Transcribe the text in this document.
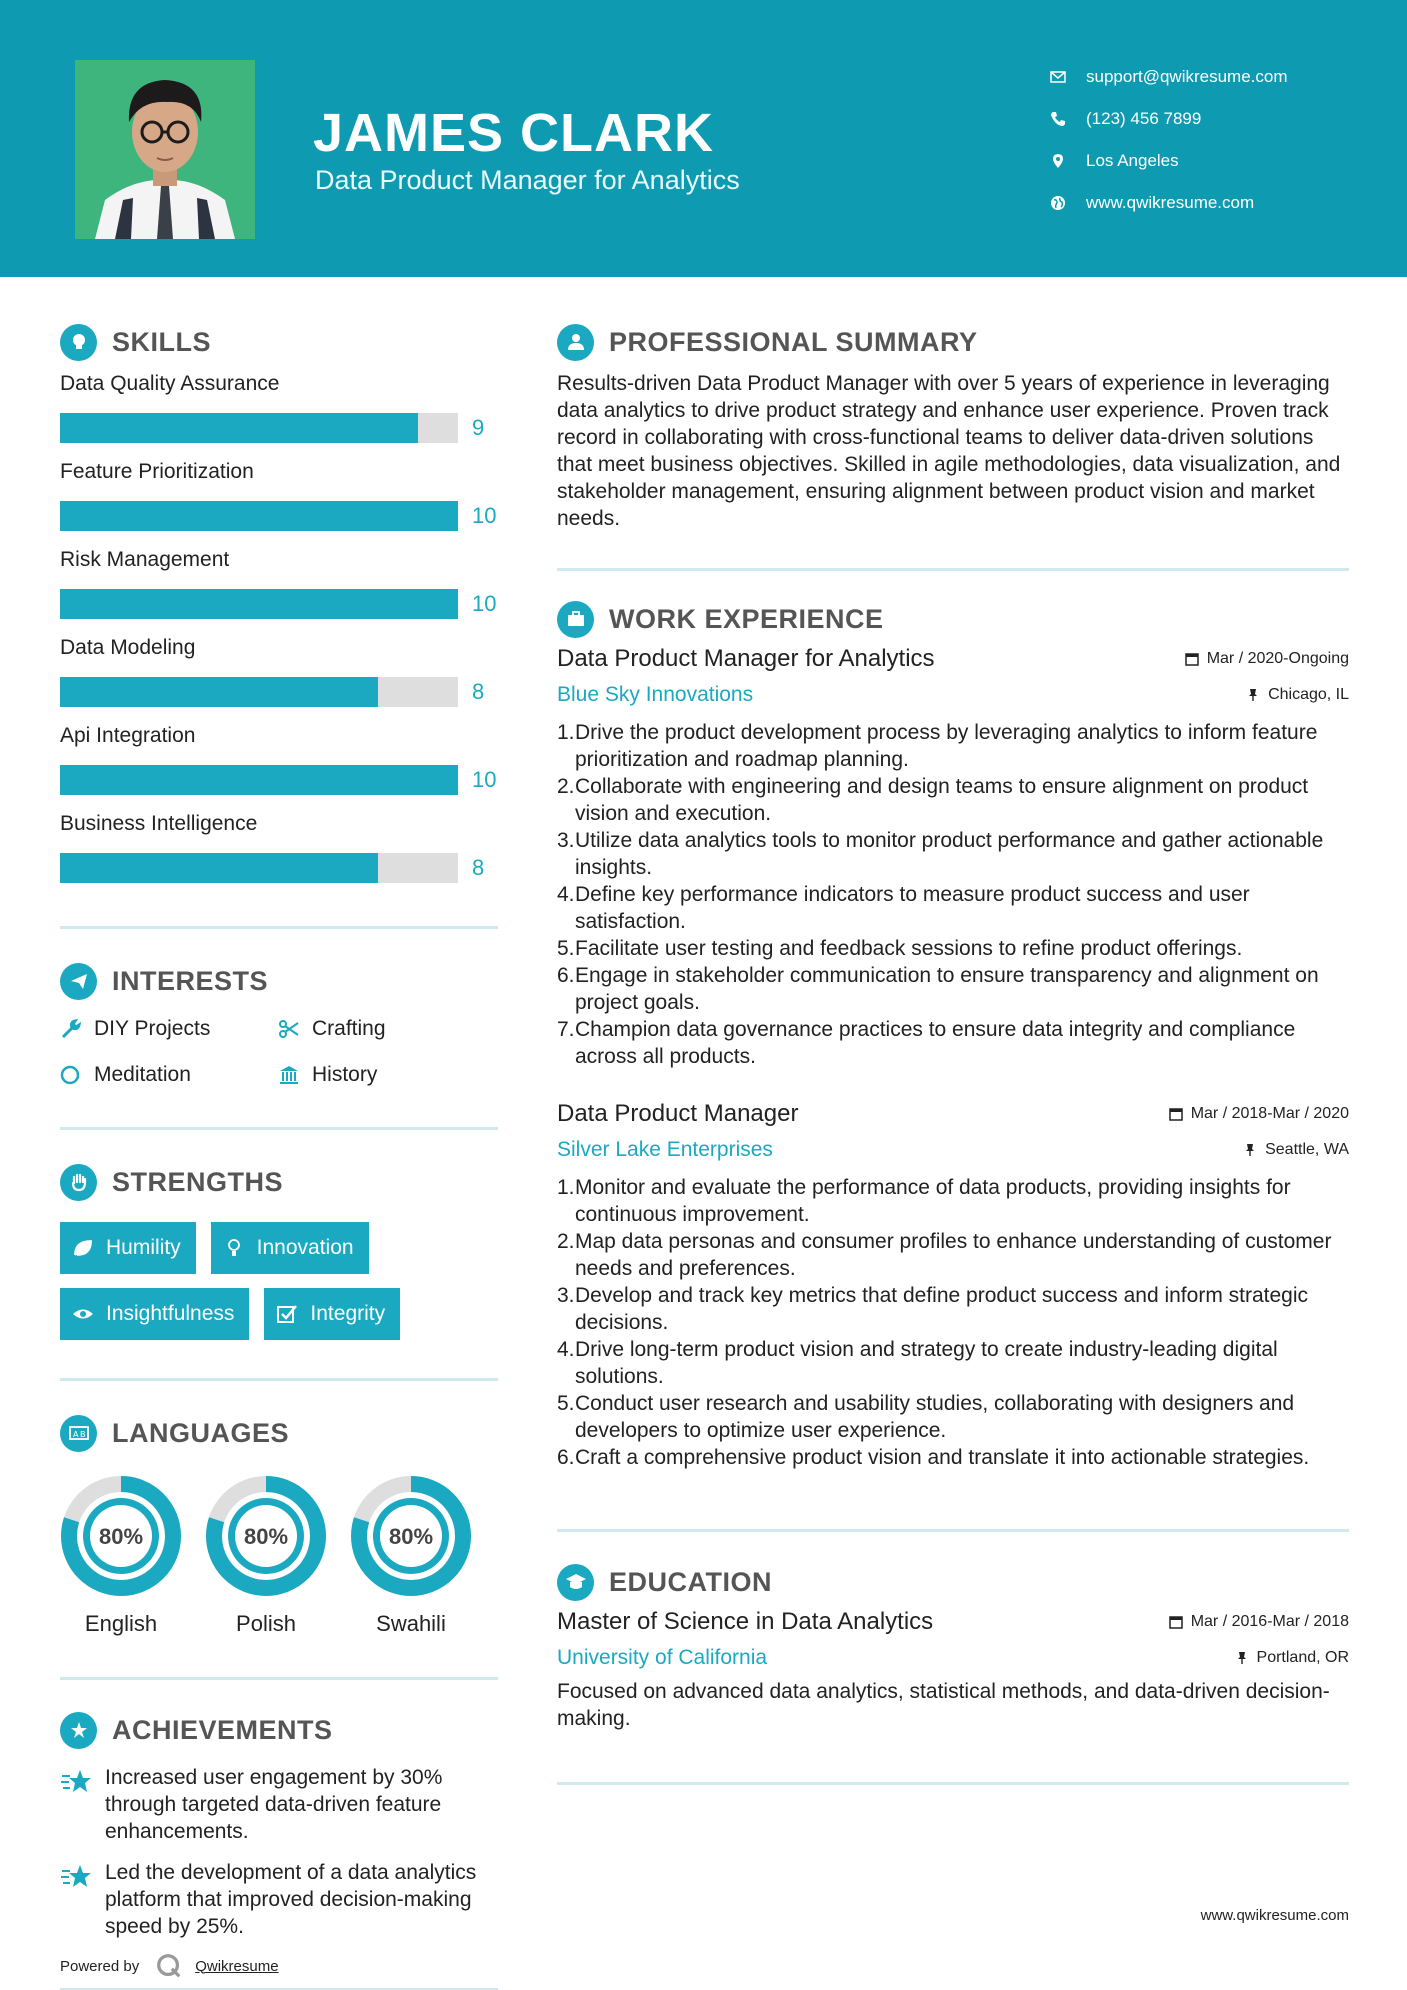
JAMES CLARK
Data Product Manager for Analytics
support@qwikresume.com
(123) 456 7899
Los Angeles
www.qwikresume.com
SKILLS
Data Quality Assurance
9
Feature Prioritization
10
Risk Management
10
Data Modeling
8
Api Integration
10
Business Intelligence
8
INTERESTS
DIY Projects	Crafting
Meditation	History
STRENGTHS
Humility	Innovation
Insightfulness	Integrity
A B LANGUAGES
80%
English
80%
Polish
80%
Swahili
ACHIEVEMENTS
Increased user engagement by 30% through targeted data-driven feature enhancements.
Led the development of a data analytics platform that improved decision-making speed by 25%.
Powered by	Qwikresume
PROFESSIONAL SUMMARY
Results-driven Data Product Manager with over 5 years of experience in leveraging data analytics to drive product strategy and enhance user experience. Proven track record in collaborating with cross-functional teams to deliver data-driven solutions that meet business objectives. Skilled in agile methodologies, data visualization, and stakeholder management, ensuring alignment between product vision and market needs.
WORK EXPERIENCE
Data Product Manager for Analytics	Mar / 2020-Ongoing
Blue Sky Innovations	Chicago, IL
1. Drive the product development process by leveraging analytics to inform feature prioritization and roadmap planning.
2. Collaborate with engineering and design teams to ensure alignment on product vision and execution.
3. Utilize data analytics tools to monitor product performance and gather actionable insights.
4. Define key performance indicators to measure product success and user satisfaction.
5. Facilitate user testing and feedback sessions to refine product offerings.
6. Engage in stakeholder communication to ensure transparency and alignment on project goals.
7. Champion data governance practices to ensure data integrity and compliance across all products.
Data Product Manager	Mar / 2018-Mar / 2020
Silver Lake Enterprises	Seattle, WA
1. Monitor and evaluate the performance of data products, providing insights for continuous improvement.
2. Map data personas and consumer profiles to enhance understanding of customer needs and preferences.
3. Develop and track key metrics that define product success and inform strategic decisions.
4. Drive long-term product vision and strategy to create industry-leading digital solutions.
5. Conduct user research and usability studies, collaborating with designers and developers to optimize user experience.
6. Craft a comprehensive product vision and translate it into actionable strategies.
EDUCATION
Master of Science in Data Analytics	Mar / 2016-Mar / 2018
University of California	Portland, OR
Focused on advanced data analytics, statistical methods, and data-driven decision-making.
www.qwikresume.com
